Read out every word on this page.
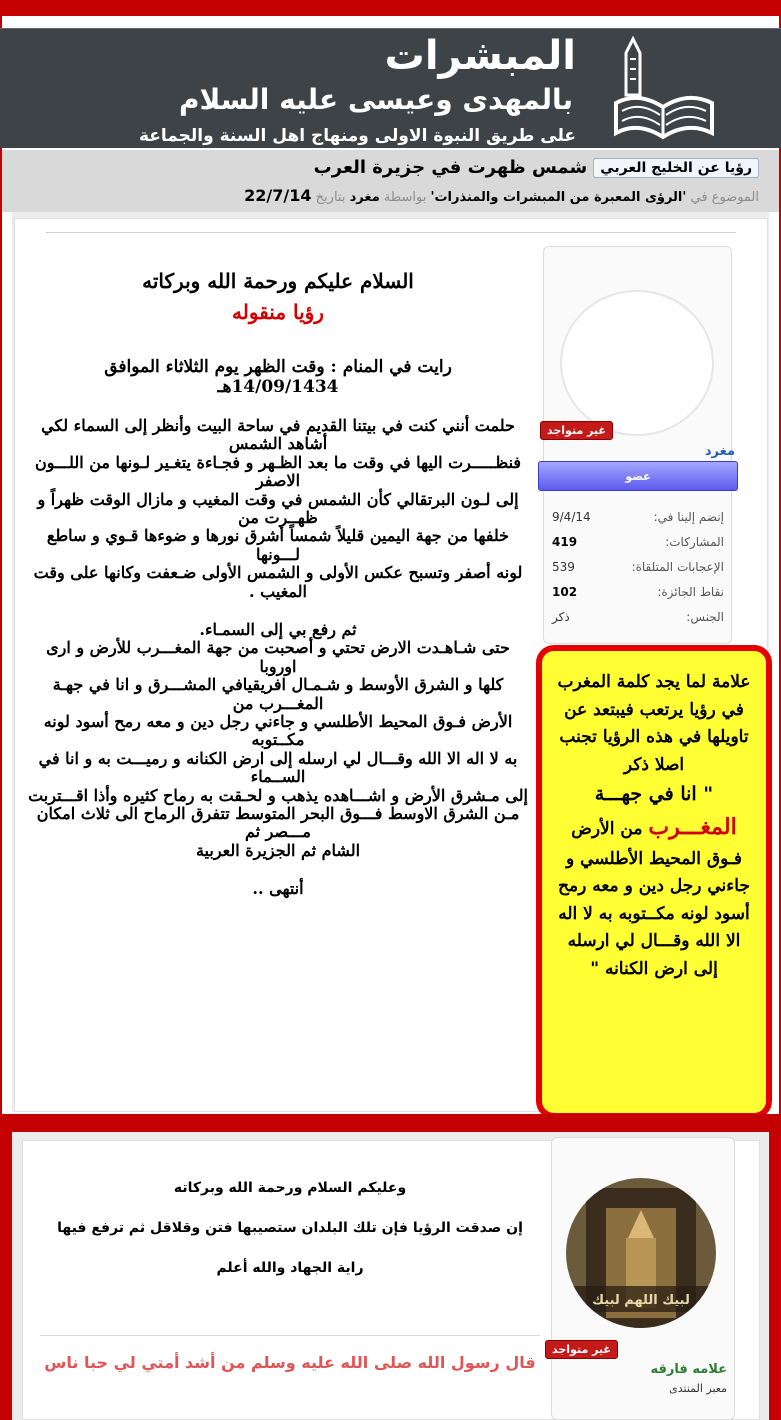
المبشرات
بالمهدى وعيسى عليه السلام
على طريق النبوة الاولى ومنهاج اهل السنة والجماعة
رؤيا عن الخليج العربي
شمس ظهرت في جزيرة العرب
الموضوع في 'الرؤى المعبرة من المبشرات والمنذرات' بواسطة مغرد بتاريخ 22/7/14
غير متواجد
مغرد
عضو
إنضم إلينا في:
9/4/14
المشاركات:
419
الإعجابات المتلقاة:
539
نقاط الجائزة:
102
الجنس:
ذكر
السلام عليكم ورحمة الله وبركاته
رؤيا منقوله
رايت في المنام : وقت الظهر يوم الثلاثاء الموافق
14/09/1434هـ
حلمت أنني كنت في بيتنا القديم في ساحة البيت وأنظر إلى السماء لكي أشاهد الشمس
فنظـــــرت اليها في وقت ما بعد الظـهر و فجـاءة يتغـير لـونها من اللـــون الاصفر
إلى لـون البرتقالي كأن الشمس في وقت المغيب و مازال الوقت ظهراً و ظهــرت من
خلفها من جهة اليمين قليلاً شمساً أشرق نورها و ضوءها قـوي و ساطع لـــونها
لونه أصفر وتسبح عكس الأولى و الشمس الأولى ضـعفت وكانها على وقت المغيب .
ثم رفع بي إلى السمـاء.
حتى شـاهـدت الارض تحتي و أصحبت من جهة المغـــرب للأرض و ارى اوروبا
كلها و الشرق الأوسط و شـمـال افريقيافي المشـــرق و انا في جهـة المغـــرب من
الأرض فـوق المحيط الأطلسي و جاءني رجل دين و معه رمح أسود لونه مكــتوبه
به لا اله الا الله وقـــال لي ارسله إلى ارض الكنانه و رميـــت به و انا في الســماء
إلى مـشرق الأرض و اشـــاهده يذهب و لحـقت به رماح كثيره وأذا اقـــتربت
مـن الشرق الاوسط فـــوق البحر المتوسط تتفرق الرماح الى ثلاث امكان مـــصر ثم
الشام ثم الجزيرة العربية
أنتهى ..
علامة لما يجد كلمة المغرب في رؤيا يرتعب فيبتعد عن تاويلها في هذه الرؤيا تجنب اصلا ذكر
" انا في جهـــة
المغـــرب من الأرض فـوق المحيط الأطلسي و جاءني رجل دين و معه رمح أسود لونه مكــتوبه به لا اله الا الله وقـــال لي ارسله إلى ارض الكنانه "
لبيك اللهم لبيك
غير متواجد
علامه فارقه
معبر المنتدى

وعليكم السلام ورحمة الله وبركاته

إن صدقت الرؤيا فإن تلك البلدان ستصيبها فتن وقلاقل ثم ترفع فيها

راية الجهاد والله أعلم

قال رسول الله صلى الله عليه وسلم من أشد أمتي لي حبا ناس
